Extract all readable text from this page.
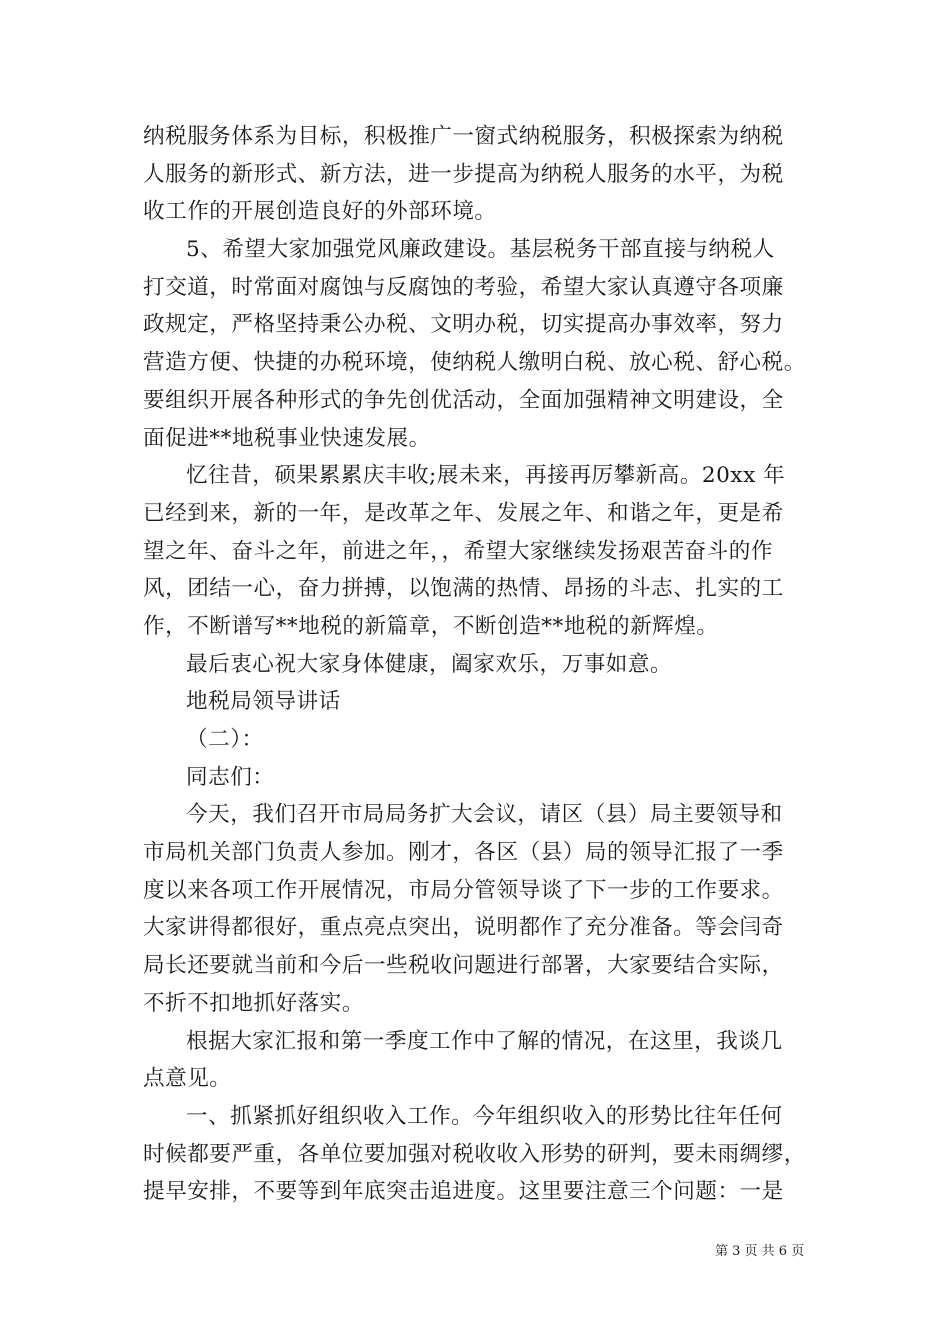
纳税服务体系为目标，积极推广一窗式纳税服务，积极探索为纳税
人服务的新形式、新方法，进一步提高为纳税人服务的水平，为税
收工作的开展创造良好的外部环境。
5、希望大家加强党风廉政建设。基层税务干部直接与纳税人
打交道，时常面对腐蚀与反腐蚀的考验，希望大家认真遵守各项廉
政规定，严格坚持秉公办税、文明办税，切实提高办事效率，努力
营造方便、快捷的办税环境，使纳税人缴明白税、放心税、舒心税。
要组织开展各种形式的争先创优活动，全面加强精神文明建设，全
面促进**地税事业快速发展。
忆往昔，硕果累累庆丰收;展未来，再接再厉攀新高。20xx 年
已经到来，新的一年，是改革之年、发展之年、和谐之年，更是希
望之年、奋斗之年，前进之年，，希望大家继续发扬艰苦奋斗的作
风，团结一心，奋力拼搏，以饱满的热情、昂扬的斗志、扎实的工
作，不断谱写**地税的新篇章，不断创造**地税的新辉煌。
最后衷心祝大家身体健康，阖家欢乐，万事如意。
地税局领导讲话
（二）：
同志们：
今天，我们召开市局局务扩大会议，请区（县）局主要领导和
市局机关部门负责人参加。刚才，各区（县）局的领导汇报了一季
度以来各项工作开展情况，市局分管领导谈了下一步的工作要求。
大家讲得都很好，重点亮点突出，说明都作了充分准备。等会闫奇
局长还要就当前和今后一些税收问题进行部署，大家要结合实际，
不折不扣地抓好落实。
根据大家汇报和第一季度工作中了解的情况，在这里，我谈几
点意见。
一、抓紧抓好组织收入工作。今年组织收入的形势比往年任何
时候都要严重，各单位要加强对税收收入形势的研判，要未雨绸缪，
提早安排，不要等到年底突击追进度。这里要注意三个问题：一是
第 3 页 共 6 页
